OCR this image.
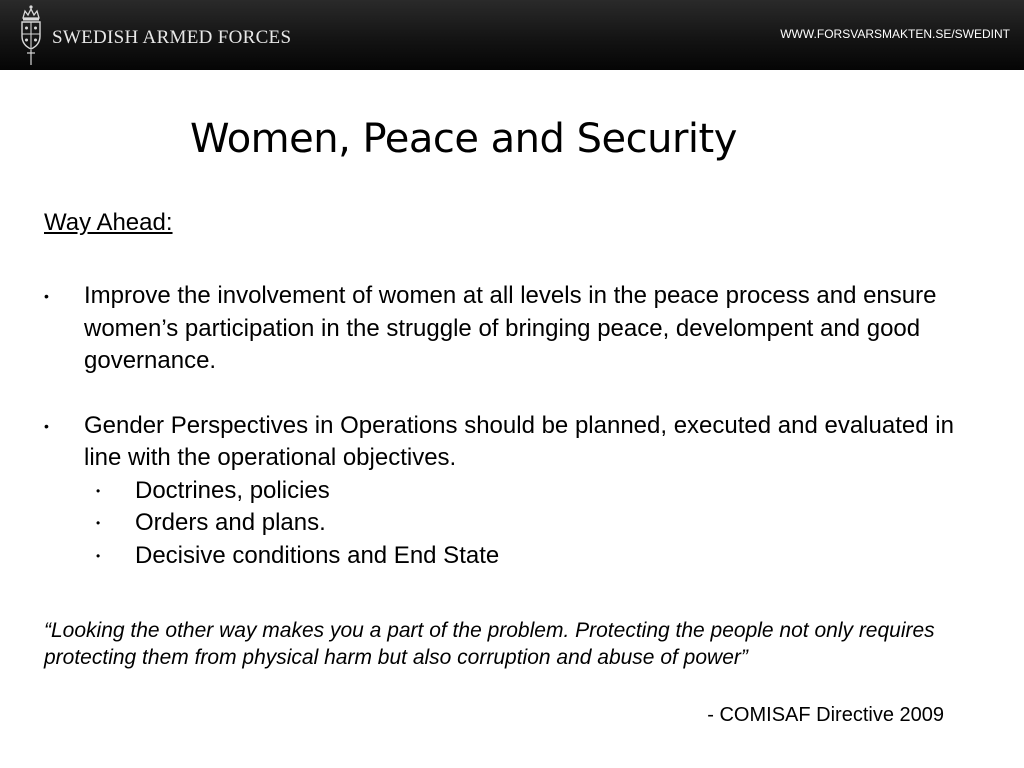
SWEDISH ARMED FORCES	WWW.FORSVARSMAKTEN.SE/SWEDINT
Women, Peace and Security
Way Ahead:
• Improve the involvement of women at all levels in the peace process and ensure women’s participation in the struggle of bringing peace, develompent and good governance.
• Gender Perspectives in Operations should be planned, executed and evaluated in line with the operational objectives.
• Doctrines, policies
• Orders and plans.
• Decisive conditions and End State
“Looking the other way makes you a part of the problem. Protecting the people not only requires protecting them from physical harm but also corruption and abuse of power”
- COMISAF Directive 2009
